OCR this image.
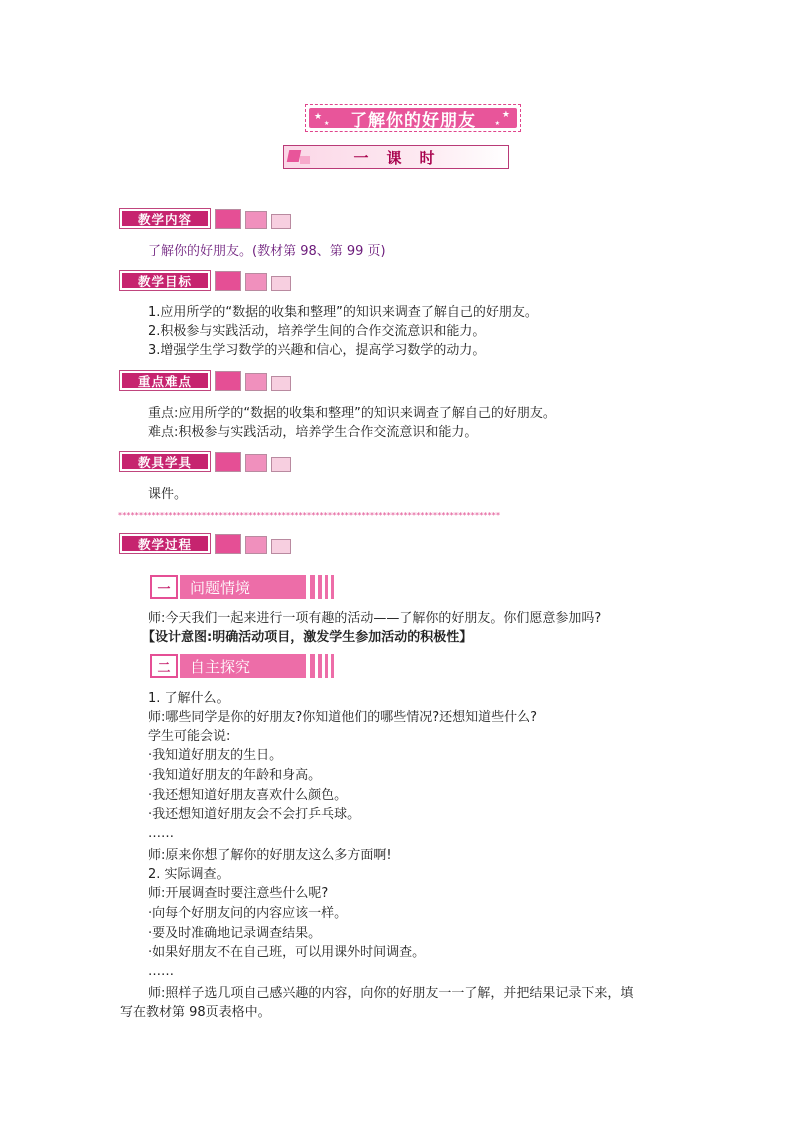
了解你的好朋友
★
★
★
★
一课时
教学内容
了解你的好朋友。(教材第 98、第 99 页)
教学目标
1.应用所学的“数据的收集和整理”的知识来调查了解自己的好朋友。
2.积极参与实践活动，培养学生间的合作交流意识和能力。
3.增强学生学习数学的兴趣和信心，提高学习数学的动力。
重点难点
重点:应用所学的“数据的收集和整理”的知识来调查了解自己的好朋友。
难点:积极参与实践活动，培养学生合作交流意识和能力。
教具学具
课件。
*******************************************************************************************
教学过程
一	问题情境
师:今天我们一起来进行一项有趣的活动——了解你的好朋友。你们愿意参加吗?
【设计意图:明确活动项目，激发学生参加活动的积极性】
二	自主探究
1. 了解什么。
师:哪些同学是你的好朋友?你知道他们的哪些情况?还想知道些什么?
学生可能会说:
·我知道好朋友的生日。
·我知道好朋友的年龄和身高。
·我还想知道好朋友喜欢什么颜色。
·我还想知道好朋友会不会打乒乓球。
……
师:原来你想了解你的好朋友这么多方面啊!
2. 实际调查。
师:开展调查时要注意些什么呢?
·向每个好朋友问的内容应该一样。
·要及时准确地记录调查结果。
·如果好朋友不在自己班，可以用课外时间调查。
……
师:照样子选几项自己感兴趣的内容，向你的好朋友一一了解，并把结果记录下来，填
写在教材第 98页表格中。
